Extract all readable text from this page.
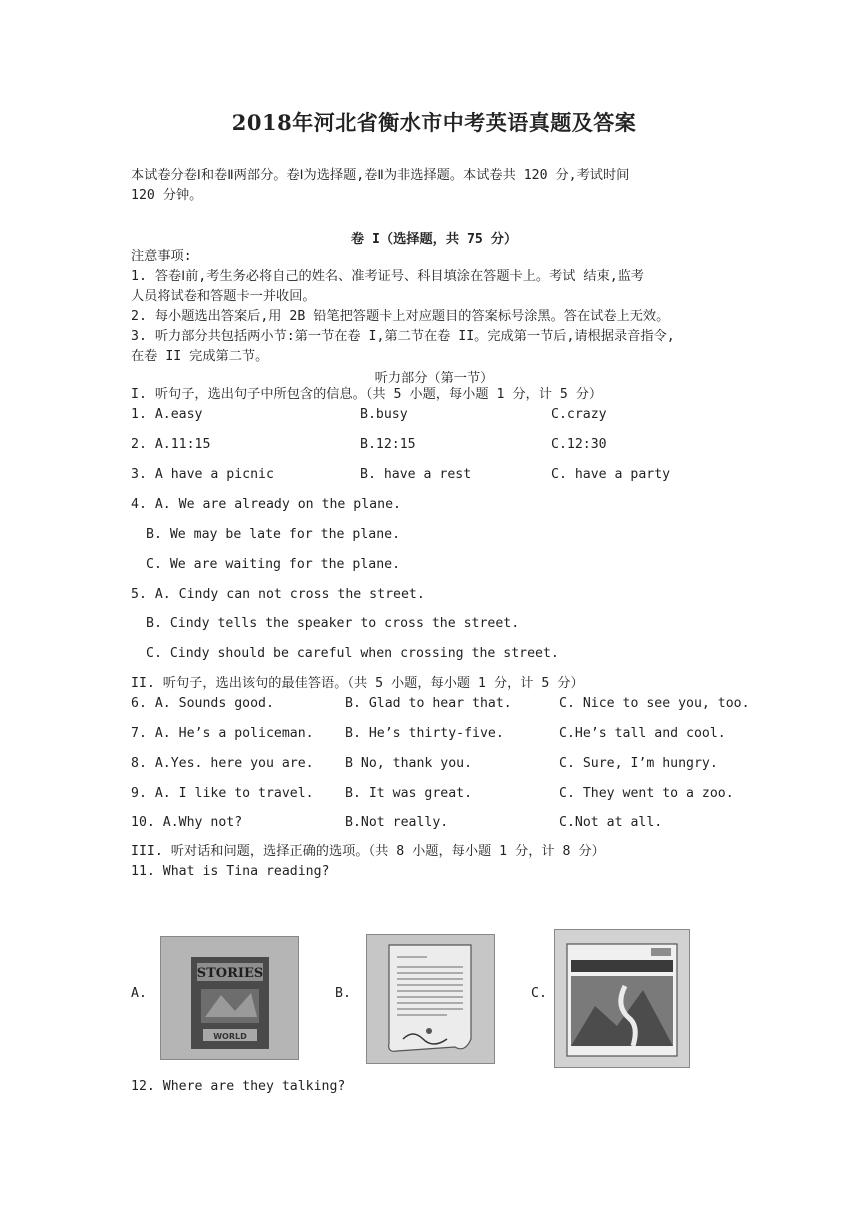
2018年河北省衡水市中考英语真题及答案
本试卷分卷Ⅰ和卷Ⅱ两部分。卷Ⅰ为选择题,卷Ⅱ为非选择题。本试卷共 120 分,考试时间
120 分钟。
卷 I（选择题，共 75 分）
注意事项:
1. 答卷Ⅰ前,考生务必将自己的姓名、准考证号、科目填涂在答题卡上。考试 结束,监考
人员将试卷和答题卡一并收回。
2. 每小题选出答案后,用 2B 铅笔把答题卡上对应题目的答案标号涂黑。答在试卷上无效。
3. 听力部分共包括两小节:第一节在卷 I,第二节在卷 II。完成第一节后,请根据录音指令,
在卷 II 完成第二节。
听力部分（第一节）
I. 听句子，选出句子中所包含的信息。（共 5 小题，每小题 1 分，计 5 分）
1. A.easy	B.busy	C.crazy
2. A.11:15	B.12:15	C.12:30
3. A have a picnic	B. have a rest	C. have a party
4. A. We are already on the plane.
B. We may be late for the plane.
C. We are waiting for the plane.
5. A. Cindy can not cross the street.
B. Cindy tells the speaker to cross the street.
C. Cindy should be careful when crossing the street.
II. 听句子，选出该句的最佳答语。（共 5 小题，每小题 1 分，计 5 分）
6. A. Sounds good.	B. Glad to hear that.	C. Nice to see you, too.
7. A. He’s a policeman. B. He’s thirty-five.	C.He’s tall and cool.
8. A.Yes. here you are. B No, thank you.	C. Sure, I’m hungry.
9. A. I like to travel. B. It was great.	C. They went to a zoo.
10. A.Why not?	B.Not really.	C.Not at all.
III. 听对话和问题，选择正确的选项。（共 8 小题，每小题 1 分，计 8 分）
11. What is Tina reading?
A.
STORIES
WORLD
B.	C.
12. Where are they talking?
